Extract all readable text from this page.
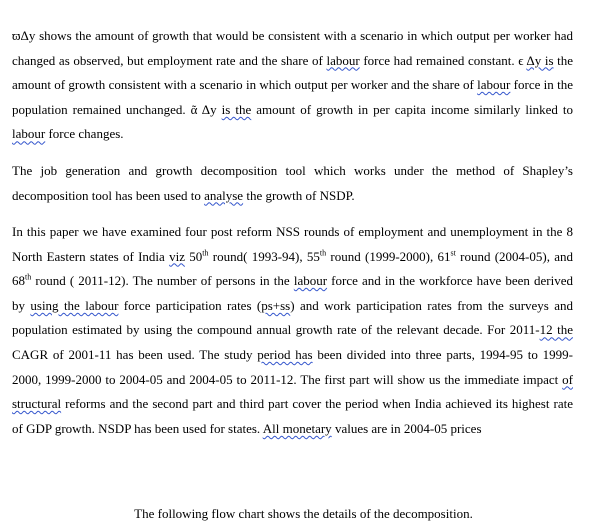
ϖΔy shows the amount of growth that would be consistent with a scenario in which output per worker had changed as observed, but employment rate and the share of labour force had remained constant. ϵ Δy is the amount of growth consistent with a scenario in which output per worker and the share of labour force in the population remained unchanged. ᾶ Δy is the amount of growth in per capita income similarly linked to labour force changes.

The job generation and growth decomposition tool which works under the method of Shapley’s decomposition tool has been used to analyse the growth of NSDP.

In this paper we have examined four post reform NSS rounds of employment and unemployment in the 8 North Eastern states of India viz 50th round( 1993-94), 55th round (1999-2000), 61st round (2004-05), and 68th round ( 2011-12). The number of persons in the labour force and in the workforce have been derived by using the labour force participation rates (ps+ss) and work participation rates from the surveys and population estimated by using the compound annual growth rate of the relevant decade. For 2011-12 the CAGR of 2001-11 has been used. The study period has been divided into three parts, 1994-95 to 1999-2000, 1999-2000 to 2004-05 and 2004-05 to 2011-12. The first part will show us the immediate impact of structural reforms and the second part and third part cover the period when India achieved its highest rate of GDP growth. NSDP has been used for states. All monetary values are in 2004-05 prices

The following flow chart shows the details of the decomposition.
